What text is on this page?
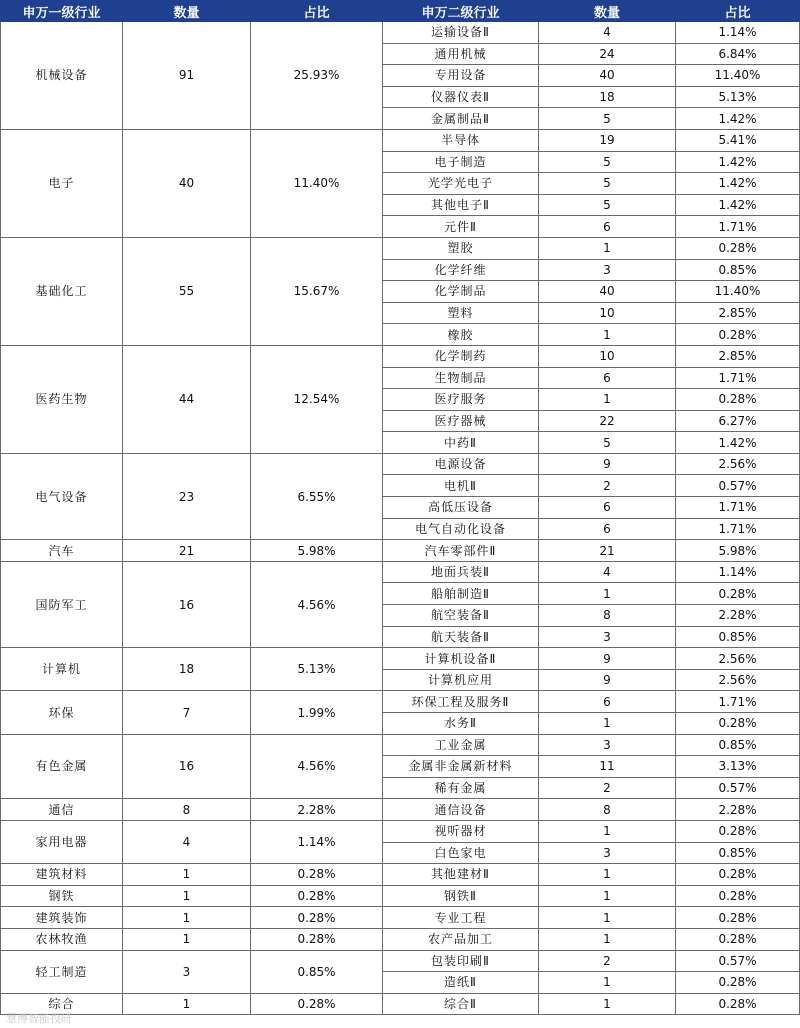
申万一级行业	数量	占比	申万二级行业	数量	占比
机械设备	91	25.93%	运输设备Ⅱ	4	1.14%
			通用机械	24	6.84%
			专用设备	40	11.40%
			仪器仪表Ⅱ	18	5.13%
			金属制品Ⅱ	5	1.42%
电子	40	11.40%	半导体	19	5.41%
			电子制造	5	1.42%
			光学光电子	5	1.42%
			其他电子Ⅱ	5	1.42%
			元件Ⅱ	6	1.71%
基础化工	55	15.67%	塑胶	1	0.28%
			化学纤维	3	0.85%
			化学制品	40	11.40%
			塑料	10	2.85%
			橡胶	1	0.28%
医药生物	44	12.54%	化学制药	10	2.85%
			生物制品	6	1.71%
			医疗服务	1	0.28%
			医疗器械	22	6.27%
			中药Ⅱ	5	1.42%
电气设备	23	6.55%	电源设备	9	2.56%
			电机Ⅱ	2	0.57%
			高低压设备	6	1.71%
			电气自动化设备	6	1.71%
汽车	21	5.98%	汽车零部件Ⅱ	21	5.98%
国防军工	16	4.56%	地面兵装Ⅱ	4	1.14%
			船舶制造Ⅱ	1	0.28%
			航空装备Ⅱ	8	2.28%
			航天装备Ⅱ	3	0.85%
计算机	18	5.13%	计算机设备Ⅱ	9	2.56%
			计算机应用	9	2.56%
环保	7	1.99%	环保工程及服务Ⅱ	6	1.71%
			水务Ⅱ	1	0.28%
有色金属	16	4.56%	工业金属	3	0.85%
			金属非金属新材料	11	3.13%
			稀有金属	2	0.57%
通信	8	2.28%	通信设备	8	2.28%
家用电器	4	1.14%	视听器材	1	0.28%
			白色家电	3	0.85%
建筑材料	1	0.28%	其他建材Ⅱ	1	0.28%
钢铁	1	0.28%	钢铁Ⅱ	1	0.28%
建筑装饰	1	0.28%	专业工程	1	0.28%
农林牧渔	1	0.28%	农产品加工	1	0.28%
轻工制造	3	0.85%	包装印刷Ⅱ	2	0.57%
			造纸Ⅱ	1	0.28%
综合	1	0.28%	综合Ⅱ	1	0.28%
慧博智能投研
